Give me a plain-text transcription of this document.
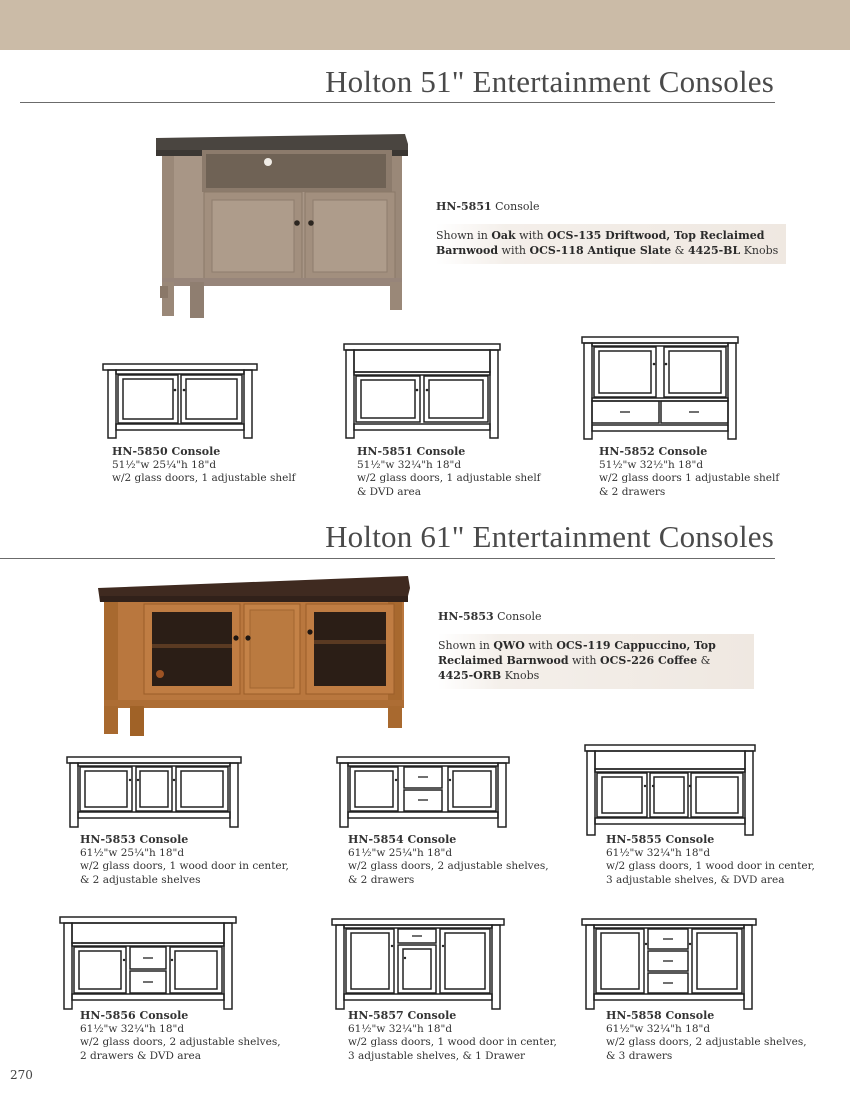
Holton 51" Entertainment Consoles
HN-5851 Console
Shown in Oak with OCS-135 Driftwood, Top Reclaimed Barnwood with OCS-118 Antique Slate & 4425-BL Knobs
HN-5850 Console
51½"w 25¼"h 18"d
w/2 glass doors, 1 adjustable shelf
HN-5851 Console
51½"w 32¼"h 18"d
w/2 glass doors, 1 adjustable shelf
& DVD area
HN-5852 Console
51½"w 32½"h 18"d
w/2 glass doors 1 adjustable shelf
& 2 drawers
Holton 61" Entertainment Consoles
HN-5853 Console
Shown in QWO with OCS-119 Cappuccino, Top Reclaimed Barnwood with OCS-226 Coffee & 4425-ORB Knobs
HN-5853 Console
61½"w 25¼"h 18"d
w/2 glass doors, 1 wood door in center,
& 2 adjustable shelves
HN-5854 Console
61½"w 25¼"h 18"d
w/2 glass doors, 2 adjustable shelves,
& 2 drawers
HN-5855 Console
61½"w 32¼"h 18"d
w/2 glass doors, 1 wood door in center,
3 adjustable shelves, & DVD area
HN-5856 Console
61½"w 32¼"h 18"d
w/2 glass doors, 2 adjustable shelves,
2 drawers & DVD area
HN-5857 Console
61½"w 32¼"h 18"d
w/2 glass doors, 1 wood door in center,
3 adjustable shelves, & 1 Drawer
HN-5858 Console
61½"w 32¼"h 18"d
w/2 glass doors, 2 adjustable shelves,
& 3 drawers
270
